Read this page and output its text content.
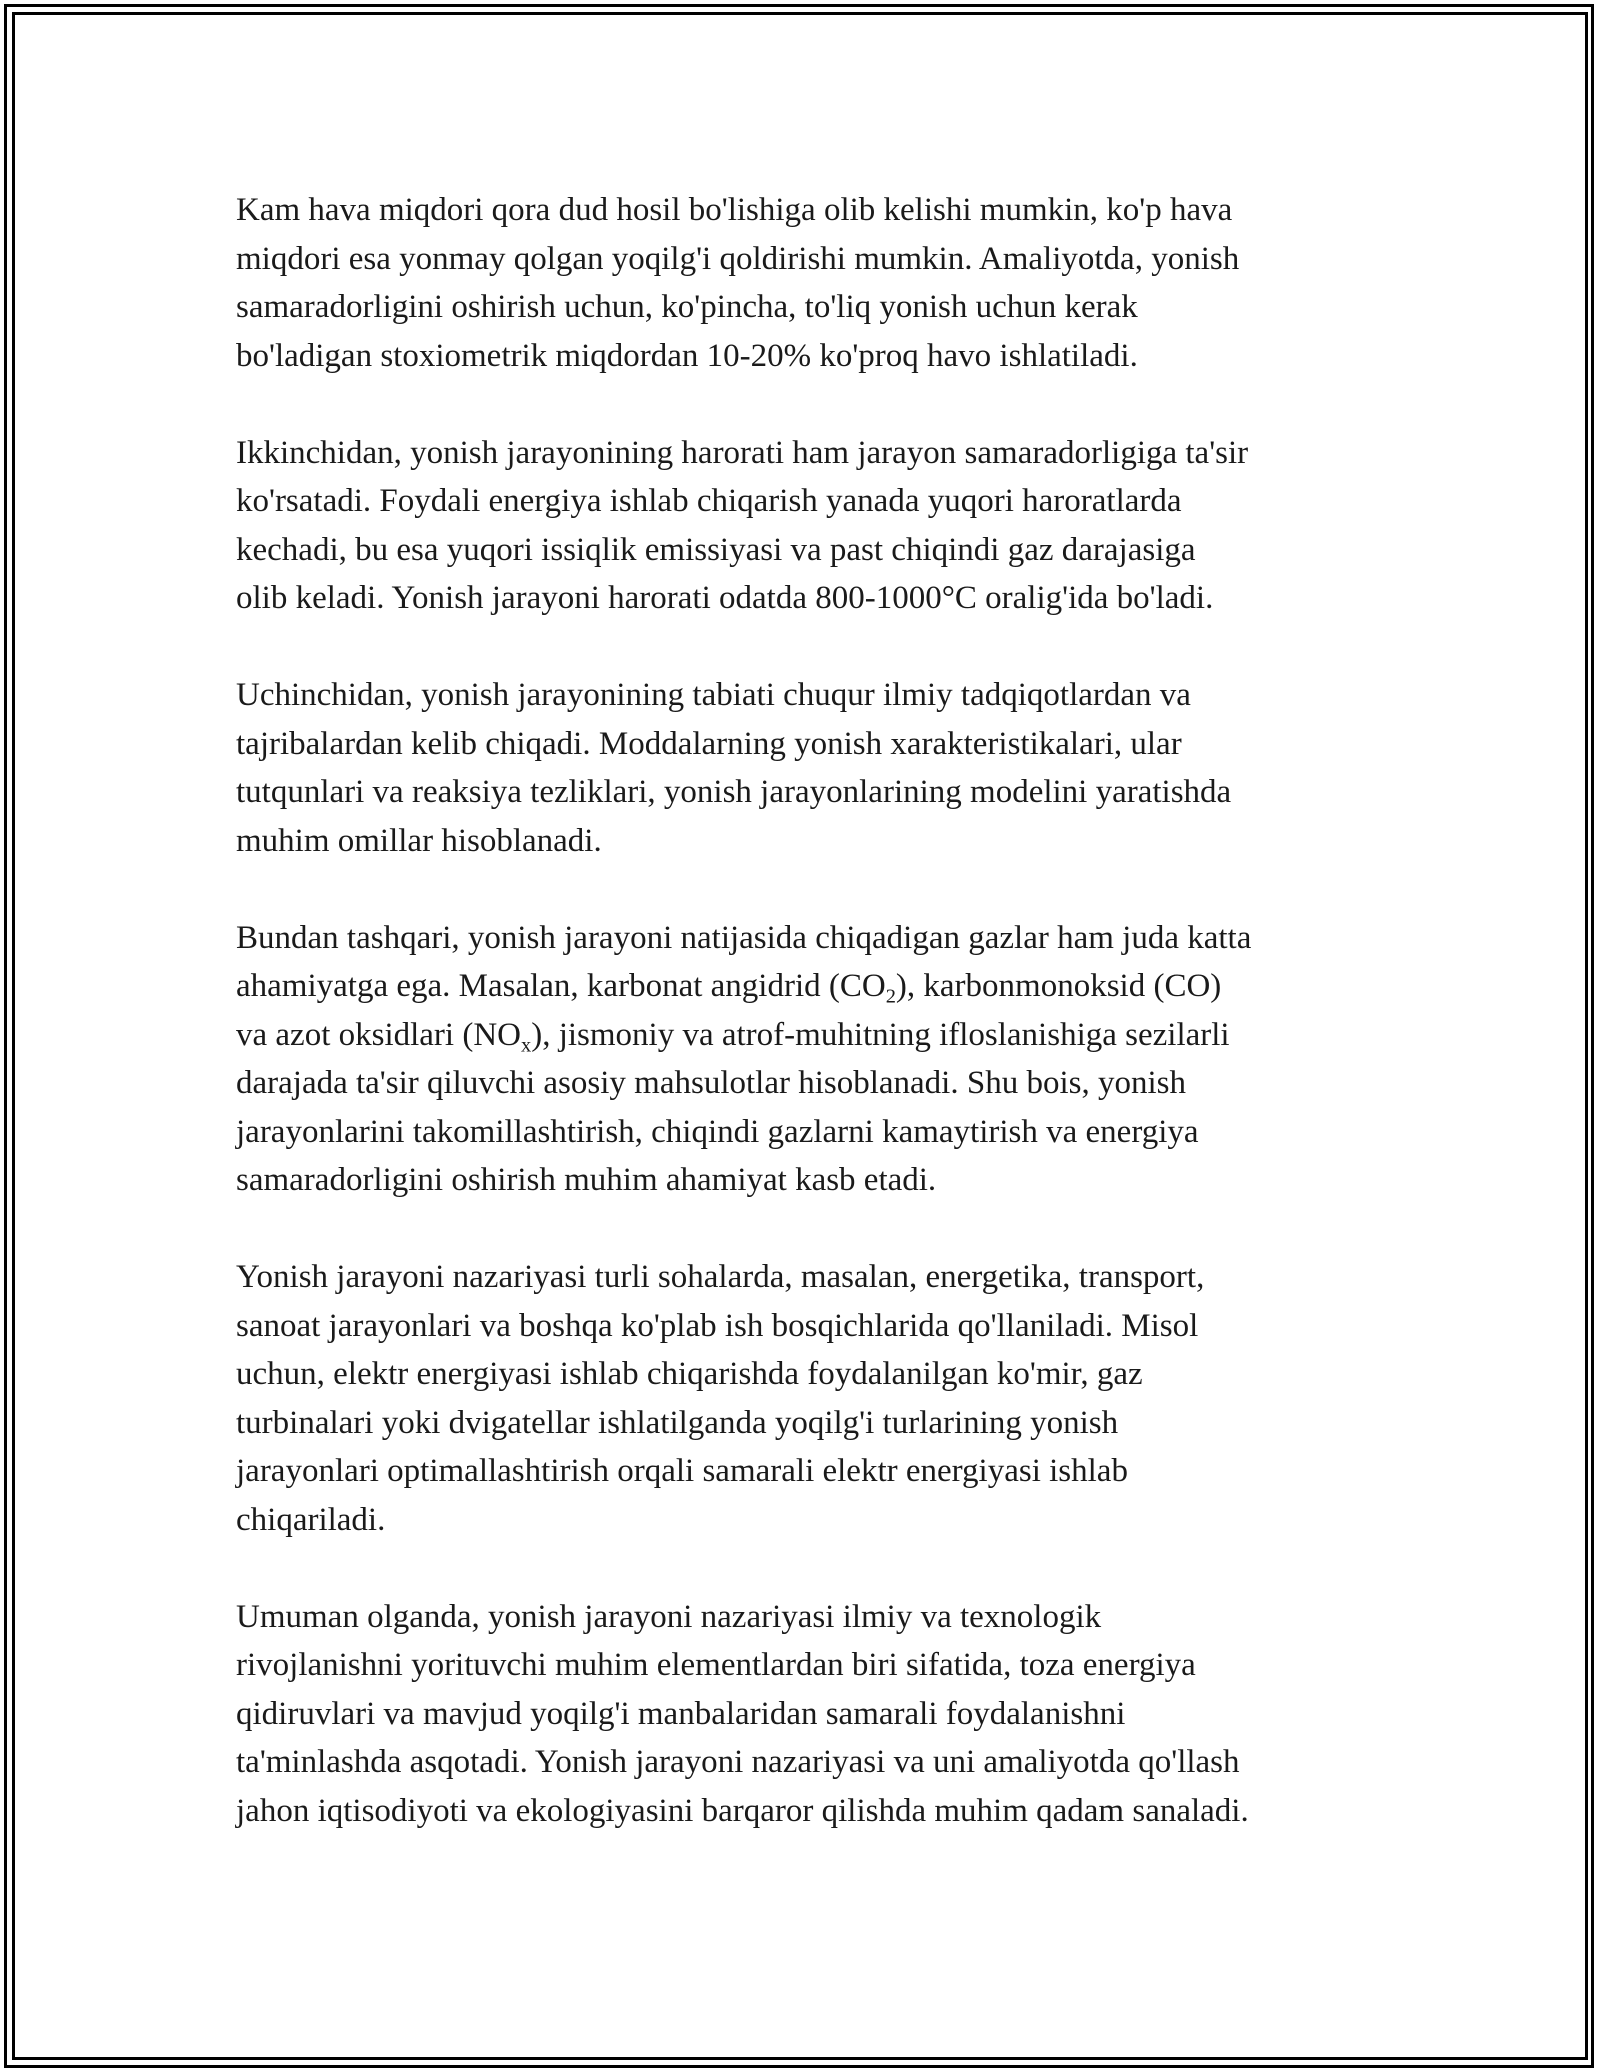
Kam hava miqdori qora dud hosil bo'lishiga olib kelishi mumkin, ko'p hava
miqdori esa yonmay qolgan yoqilg'i qoldirishi mumkin. Amaliyotda, yonish
samaradorligini oshirish uchun, ko'pincha, to'liq yonish uchun kerak
bo'ladigan stoxiometrik miqdordan 10-20% ko'proq havo ishlatiladi.

Ikkinchidan, yonish jarayonining harorati ham jarayon samaradorligiga ta'sir
ko'rsatadi. Foydali energiya ishlab chiqarish yanada yuqori haroratlarda
kechadi, bu esa yuqori issiqlik emissiyasi va past chiqindi gaz darajasiga
olib keladi. Yonish jarayoni harorati odatda 800-1000°C oralig'ida bo'ladi.

Uchinchidan, yonish jarayonining tabiati chuqur ilmiy tadqiqotlardan va
tajribalardan kelib chiqadi. Moddalarning yonish xarakteristikalari, ular
tutqunlari va reaksiya tezliklari, yonish jarayonlarining modelini yaratishda
muhim omillar hisoblanadi.

Bundan tashqari, yonish jarayoni natijasida chiqadigan gazlar ham juda katta
ahamiyatga ega. Masalan, karbonat angidrid $(CO_2)$, karbonmonoksid (CO)
va azot oksidlari $(NO_x)$, jismoniy va atrof-muhitning ifloslanishiga sezilarli
darajada ta'sir qiluvchi asosiy mahsulotlar hisoblanadi. Shu bois, yonish
jarayonlarini takomillashtirish, chiqindi gazlarni kamaytirish va energiya
samaradorligini oshirish muhim ahamiyat kasb etadi.

Yonish jarayoni nazariyasi turli sohalarda, masalan, energetika, transport,
sanoat jarayonlari va boshqa ko'plab ish bosqichlarida qo'llaniladi. Misol
uchun, elektr energiyasi ishlab chiqarishda foydalanilgan ko'mir, gaz
turbinalari yoki dvigatellar ishlatilganda yoqilg'i turlarining yonish
jarayonlari optimallashtirish orqali samarali elektr energiyasi ishlab
chiqariladi.

Umuman olganda, yonish jarayoni nazariyasi ilmiy va texnologik
rivojlanishni yorituvchi muhim elementlardan biri sifatida, toza energiya
qidiruvlari va mavjud yoqilg'i manbalaridan samarali foydalanishni
ta'minlashda asqotadi. Yonish jarayoni nazariyasi va uni amaliyotda qo'llash
jahon iqtisodiyoti va ekologiyasini barqaror qilishda muhim qadam sanaladi.
